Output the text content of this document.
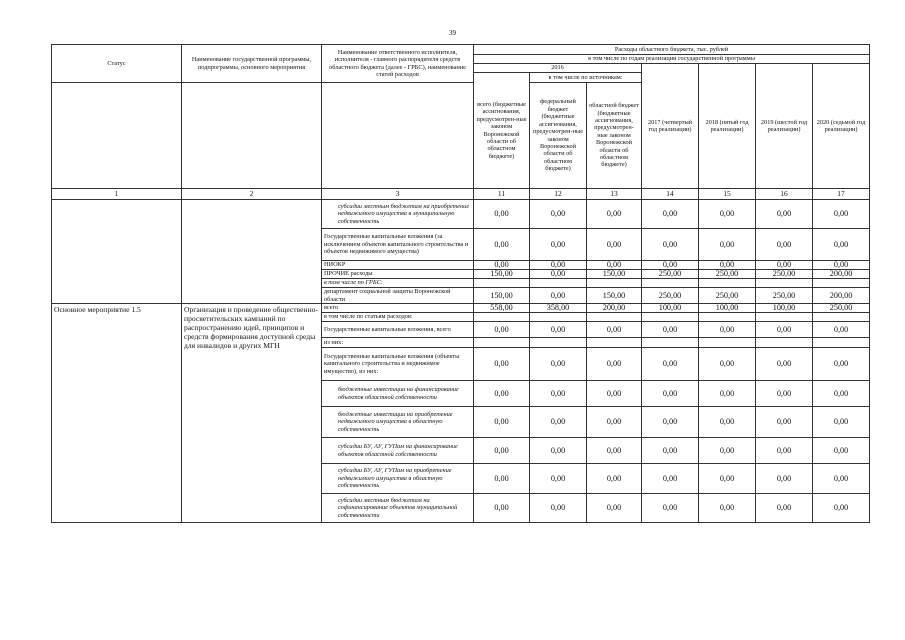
39
Статус	Наименование государственной программы, подпрограммы, основного мероприятия	Наименование ответственного исполнителя, исполнителя - главного распорядителя средств областного бюджета (далее - ГРБС), наименование статей расходов	Расходы областного бюджета, тыс. рублей						
			в том числе по годам реализации государственной программы						
			2016			2017 (четвертый год реализации)	2018 (пятый год реализации)	2019 (шестой год реализации)	2020 (седьмой год реализации)
			всего (бюджетные ассигнования, предусмотрен-ные законом Воронежской области об областном бюджете)	в том числе по источникам:					
				федеральный бюджет (бюджетные ассигнования, предусмотрен-ные законом Воронежской области об областном бюджете)	областной бюджет (бюджетные ассигнования, предусмотрен-ные законом Воронежской области об областном бюджете)				
1	2	3	11	12	13	14	15	16	17
		субсидии местным бюджетам на приобретение недвижимого имущества в муниципальную собственность	0,00	0,00	0,00	0,00	0,00	0,00	0,00
		Государственные капитальные вложения (за исключением объектов капитального строительства и объектов недвижимого имущества)	0,00	0,00	0,00	0,00	0,00	0,00	0,00
		НИОКР	0,00	0,00	0,00	0,00	0,00	0,00	0,00
		ПРОЧИЕ расходы	150,00	0,00	150,00	250,00	250,00	250,00	200,00
		в том числе по ГРБС:							
		департамент социальной защиты Воронежской области	150,00	0,00	150,00	250,00	250,00	250,00	200,00
Основное мероприятие 1.5	Организация и проведение общественно-просветительских кампаний по распространению идей, принципов и средств формирования доступной среды для инвалидов и других МГН	всего	558,00	358,00	200,00	100,00	100,00	100,00	250,00
		в том числе по статьям расходов:							
		Государственные капитальные вложения, всего	0,00	0,00	0,00	0,00	0,00	0,00	0,00
		из них:							
		Государственные капитальные вложения (объекты капитального строительства и недвижимое имущество), из них:	0,00	0,00	0,00	0,00	0,00	0,00	0,00
		бюджетные инвестиции на финансирование объектов областной собственности	0,00	0,00	0,00	0,00	0,00	0,00	0,00
		бюджетные инвестиции на приобретение недвижимого имущества в областную собственность	0,00	0,00	0,00	0,00	0,00	0,00	0,00
		субсидии БУ, АУ, ГУПам на финансирование объектов областной собственности	0,00	0,00	0,00	0,00	0,00	0,00	0,00
		субсидии БУ, АУ, ГУПам на приобретение недвижимого имущества в областную собственность	0,00	0,00	0,00	0,00	0,00	0,00	0,00
		субсидии местным бюджетам на софинансирование объектов муниципальной собственности	0,00	0,00	0,00	0,00	0,00	0,00	0,00
